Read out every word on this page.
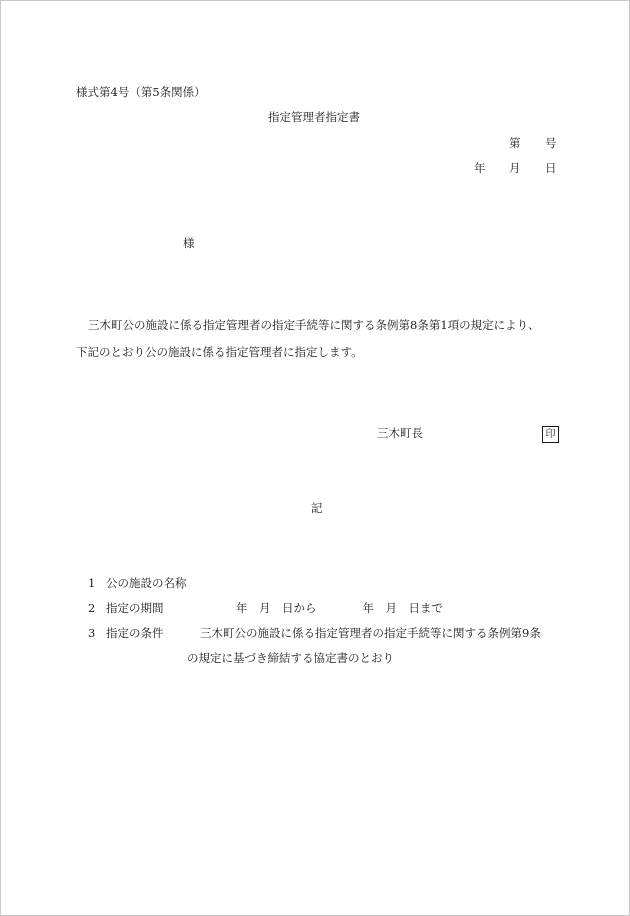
様式第4号（第5条関係）
指定管理者指定書
第 号
年 月 日
様
三木町公の施設に係る指定管理者の指定手続等に関する条例第8条第1項の規定により、
下記のとおり公の施設に係る指定管理者に指定します。
三木町長	印
記
1 公の施設の名称
2 指定の期間	年　月　日から　　　　年　月　日まで
3 指定の条件	三木町公の施設に係る指定管理者の指定手続等に関する条例第9条
の規定に基づき締結する協定書のとおり
